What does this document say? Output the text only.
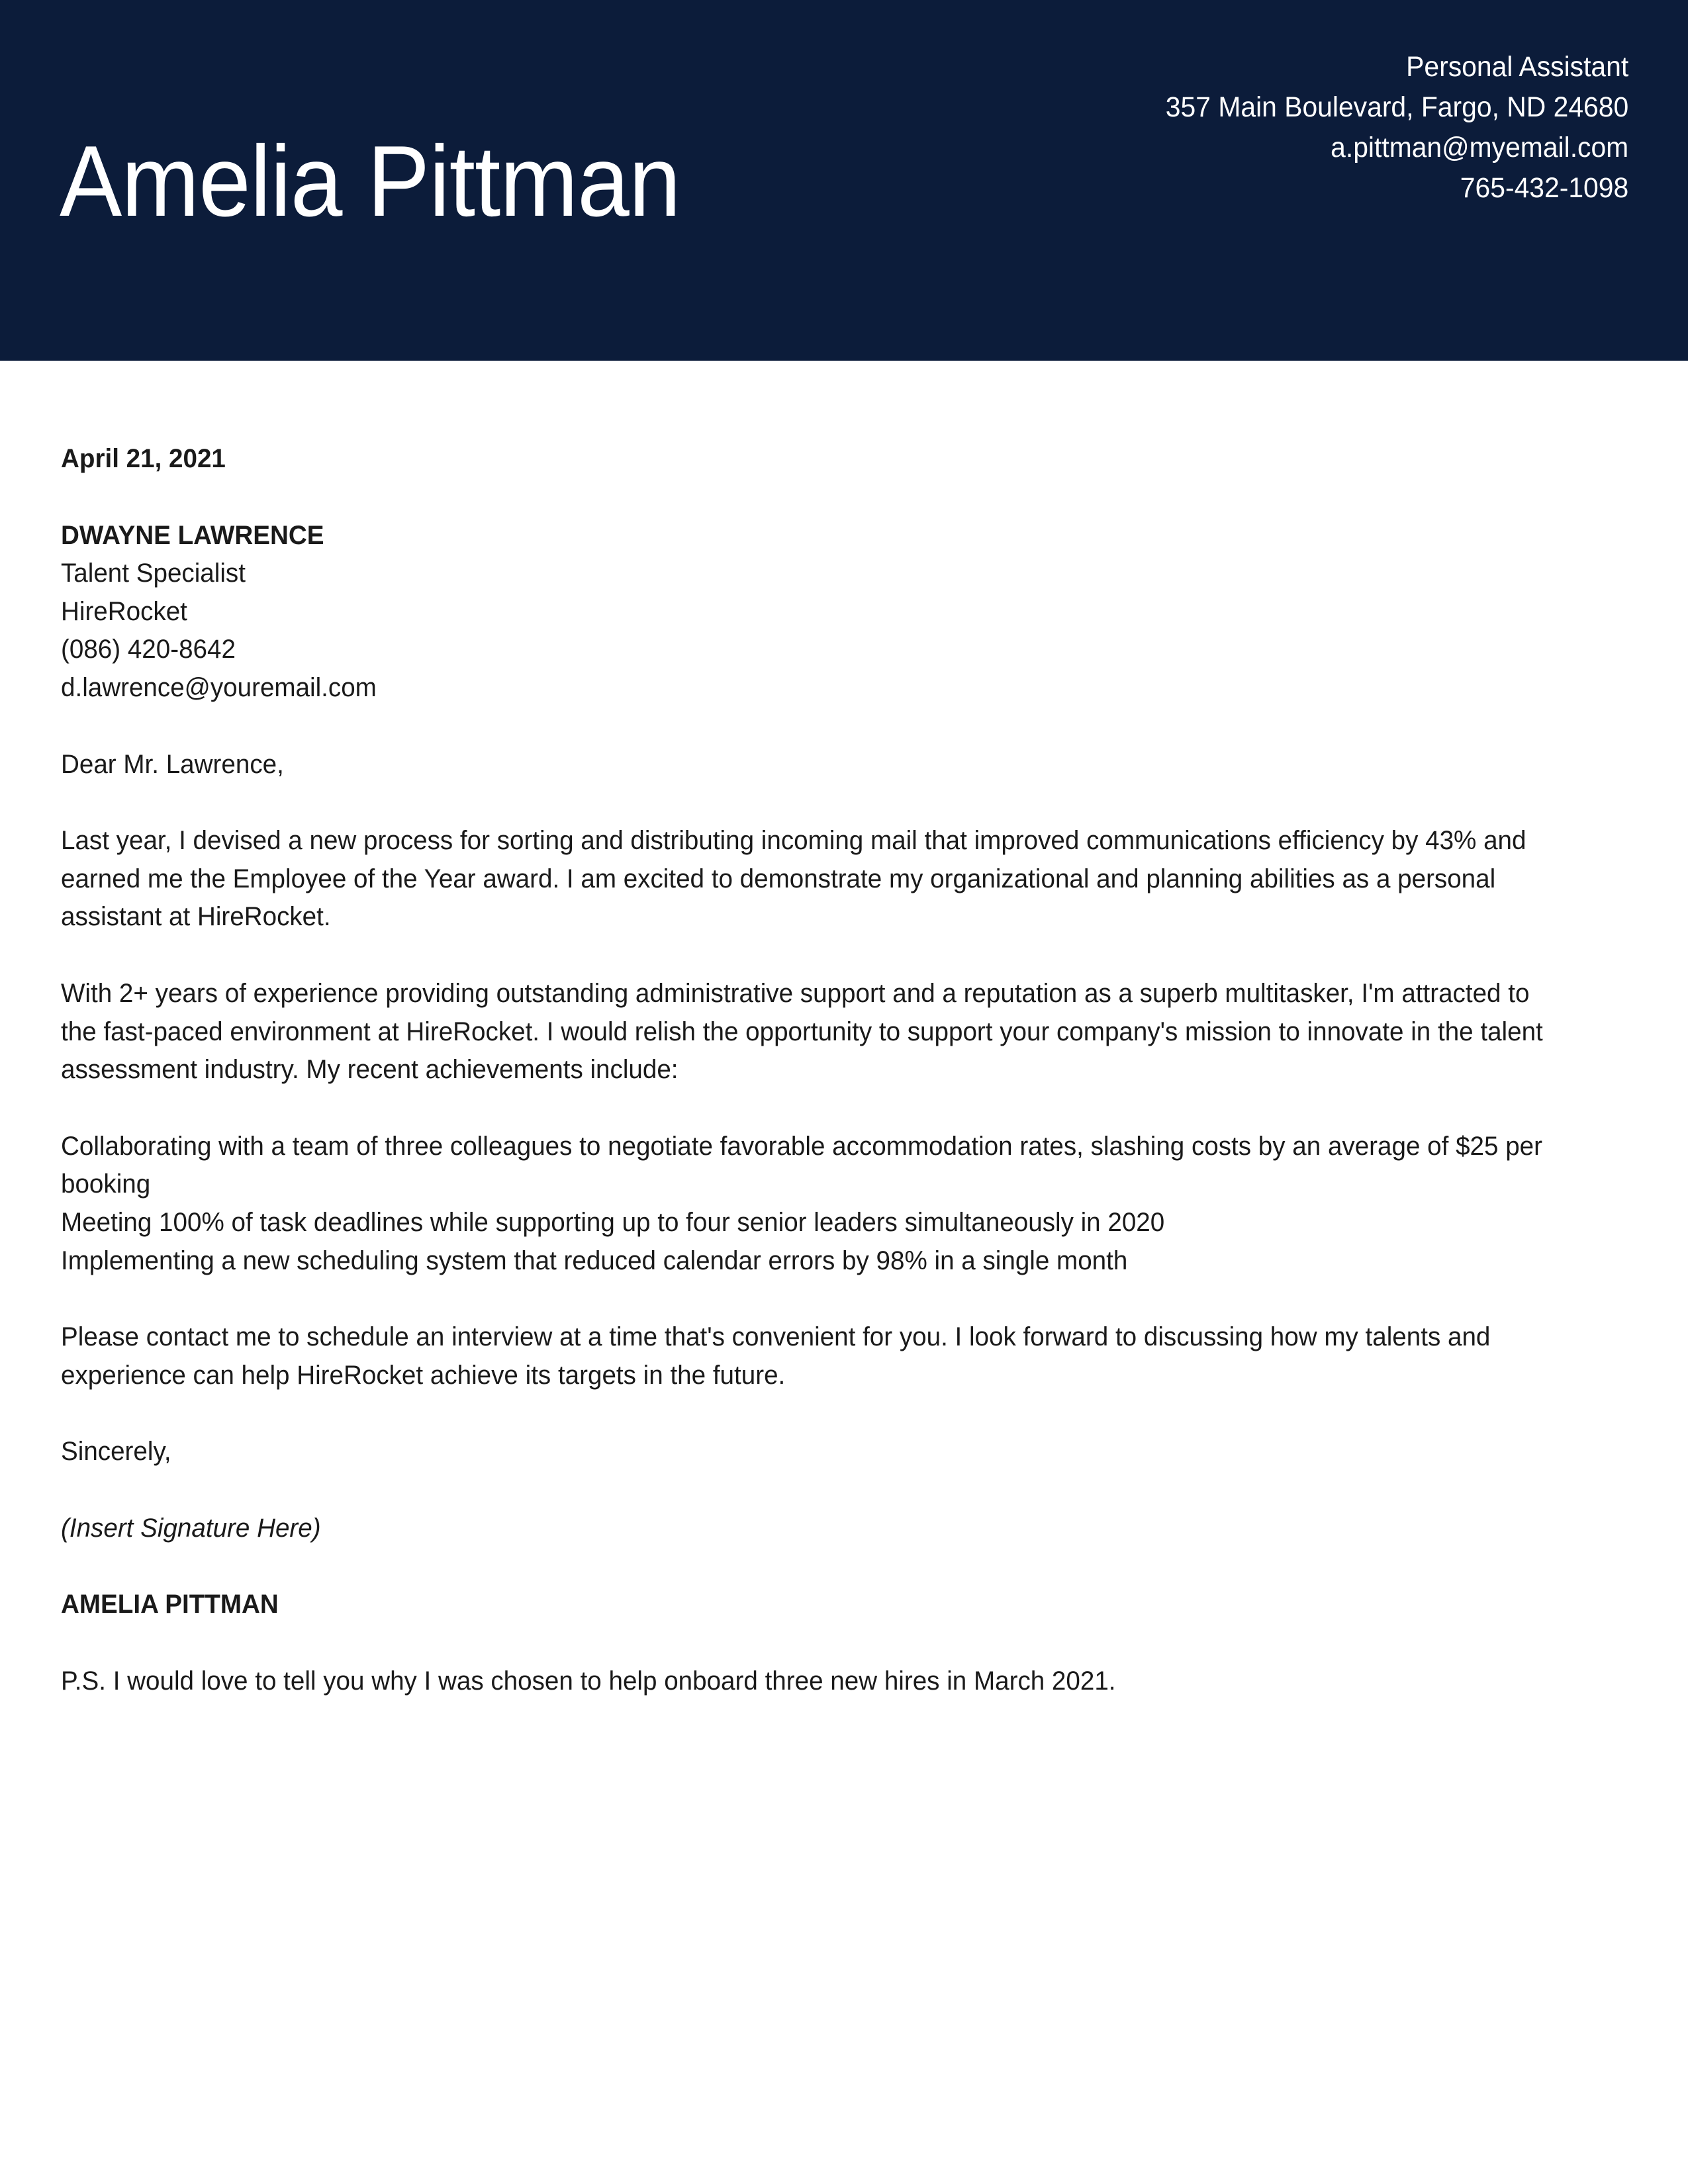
Amelia Pittman
Personal Assistant
357 Main Boulevard, Fargo, ND 24680
a.pittman@myemail.com
765-432-1098
April 21, 2021
DWAYNE LAWRENCE
Talent Specialist
HireRocket
(086) 420-8642
d.lawrence@youremail.com
Dear Mr. Lawrence,

Last year, I devised a new process for sorting and distributing incoming mail that improved communications efficiency by 43% and earned me the Employee of the Year award. I am excited to demonstrate my organizational and planning abilities as a personal assistant at HireRocket.

With 2+ years of experience providing outstanding administrative support and a reputation as a superb multitasker, I'm attracted to the fast-paced environment at HireRocket. I would relish the opportunity to support your company's mission to innovate in the talent assessment industry. My recent achievements include:

Collaborating with a team of three colleagues to negotiate favorable accommodation rates, slashing costs by an average of $25 per booking
Meeting 100% of task deadlines while supporting up to four senior leaders simultaneously in 2020
Implementing a new scheduling system that reduced calendar errors by 98% in a single month

Please contact me to schedule an interview at a time that's convenient for you. I look forward to discussing how my talents and experience can help HireRocket achieve its targets in the future.

Sincerely,
(Insert Signature Here)
AMELIA PITTMAN
P.S. I would love to tell you why I was chosen to help onboard three new hires in March 2021.
